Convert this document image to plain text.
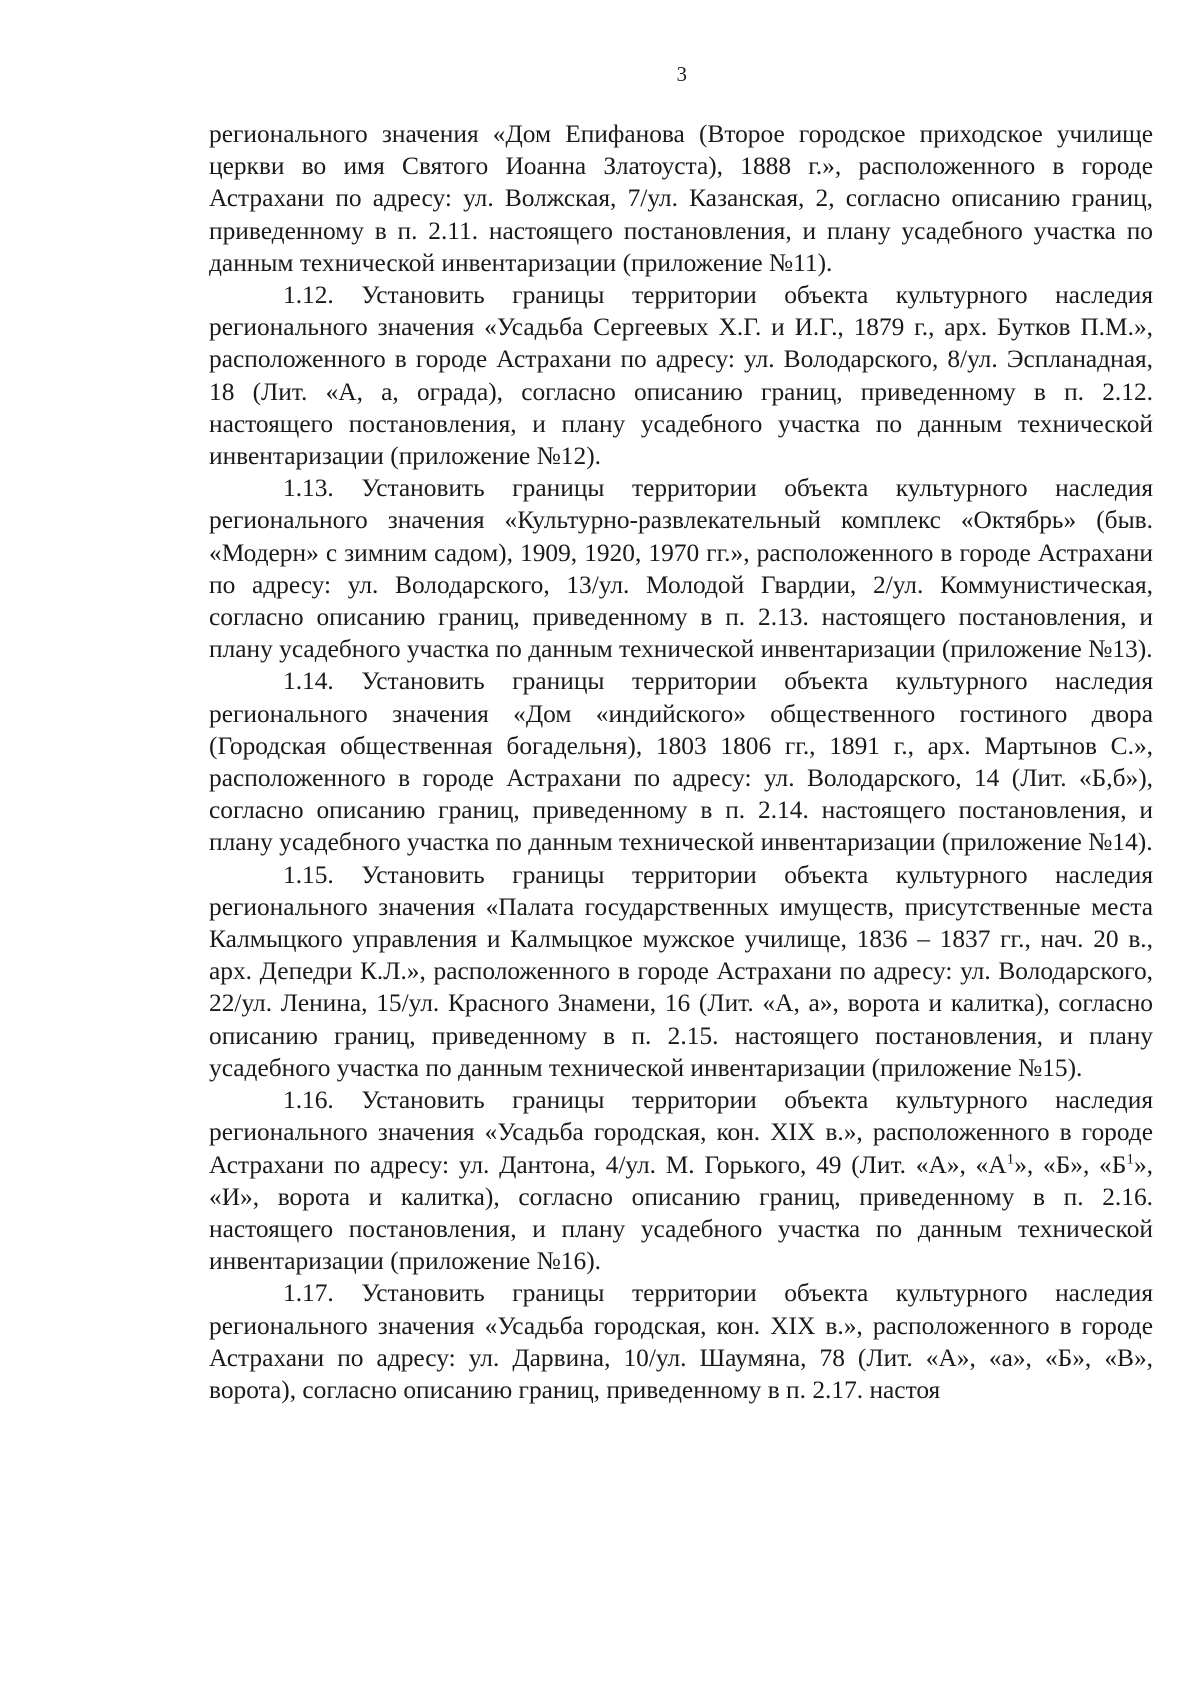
3

регионального значения «Дом Епифанова (Второе городское приходское училище церкви во имя Святого Иоанна Златоуста), 1888 г.», расположенного в городе Астрахани по адресу: ул. Волжская, 7/ул. Казанская, 2, согласно описанию границ, приведенному в п. 2.11. настоящего постановления, и плану усадебного участка по данным технической инвентаризации (приложение №11).

1.12. Установить границы территории объекта культурного наследия регионального значения «Усадьба Сергеевых Х.Г. и И.Г., 1879 г., арх. Бутков П.М.», расположенного в городе Астрахани по адресу: ул. Володарского, 8/ул. Эспланадная, 18 (Лит. «А, а, ограда), согласно описанию границ, приведенному в п. 2.12. настоящего постановления, и плану усадебного участка по данным технической инвентаризации (приложение №12).

1.13. Установить границы территории объекта культурного наследия регионального значения «Культурно-развлекательный комплекс «Октябрь» (быв. «Модерн» с зимним садом), 1909, 1920, 1970 гг.», расположенного в городе Астрахани по адресу: ул. Володарского, 13/ул. Молодой Гвардии, 2/ул. Коммунистическая, согласно описанию границ, приведенному в п. 2.13. настоящего постановления, и плану усадебного участка по данным технической инвентаризации (приложение №13).

1.14. Установить границы территории объекта культурного наследия регионального значения «Дом «индийского» общественного гостиного двора (Городская общественная богадельня), 1803 1806 гг., 1891 г., арх. Мартынов С.», расположенного в городе Астрахани по адресу: ул. Володарского, 14 (Лит. «Б,б»), согласно описанию границ, приведенному в п. 2.14. настоящего постановления, и плану усадебного участка по данным технической инвентаризации (приложение №14).

1.15. Установить границы территории объекта культурного наследия регионального значения «Палата государственных имуществ, присутственные места Калмыцкого управления и Калмыцкое мужское училище, 1836 – 1837 гг., нач. 20 в., арх. Депедри К.Л.», расположенного в городе Астрахани по адресу: ул. Володарского, 22/ул. Ленина, 15/ул. Красного Знамени, 16 (Лит. «А, а», ворота и калитка), согласно описанию границ, приведенному в п. 2.15. настоящего постановления, и плану усадебного участка по данным технической инвентаризации (приложение №15).

1.16. Установить границы территории объекта культурного наследия регионального значения «Усадьба городская, кон. XIX в.», расположенного в городе Астрахани по адресу: ул. Дантона, 4/ул. М. Горького, 49 (Лит. «А», «$А^1$», «Б», «$Б^1$», «И», ворота и калитка), согласно описанию границ, приведенному в п. 2.16. настоящего постановления, и плану усадебного участка по данным технической инвентаризации (приложение №16).

1.17. Установить границы территории объекта культурного наследия регионального значения «Усадьба городская, кон. XIX в.», расположенного в городе Астрахани по адресу: ул. Дарвина, 10/ул. Шаумяна, 78 (Лит. «А», «а», «Б», «В», ворота), согласно описанию границ, приведенному в п. 2.17. настоя
